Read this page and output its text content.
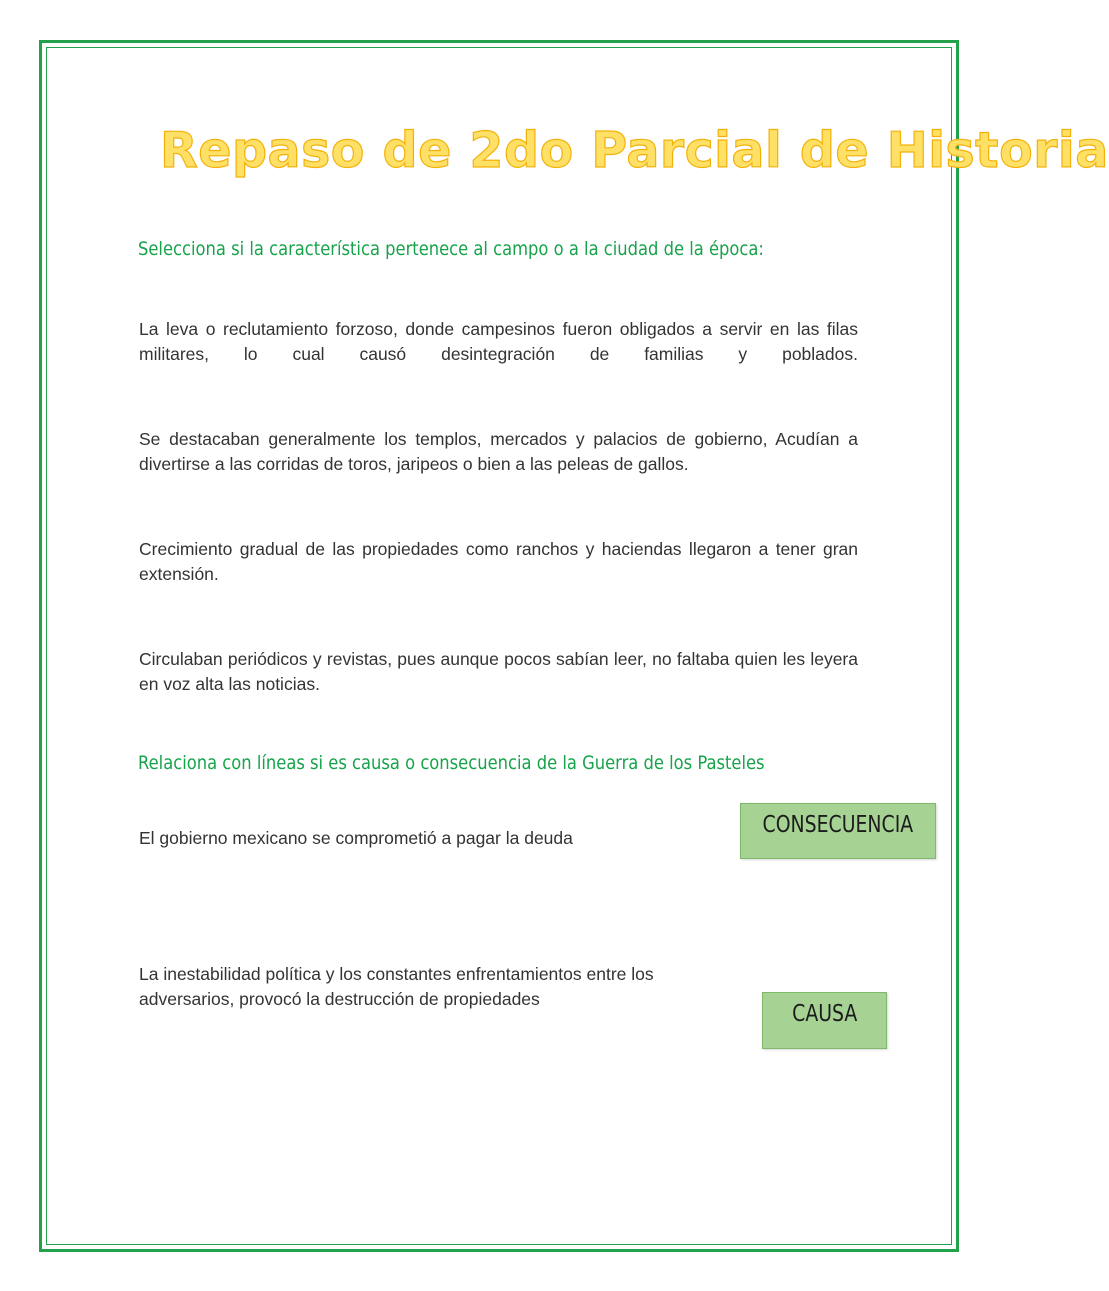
Repaso de 2do Parcial de Historia
Selecciona si la característica pertenece al campo o a la ciudad de la época:
La leva o reclutamiento forzoso, donde campesinos fueron obligados a servir en las filas militares, lo cual causó desintegración de familias y poblados.
Se destacaban generalmente los templos, mercados y palacios de gobierno, Acudían a divertirse a las corridas de toros, jaripeos o bien a las peleas de gallos.
Crecimiento gradual de las propiedades como ranchos y haciendas llegaron a tener gran extensión.
Circulaban periódicos y revistas, pues aunque pocos sabían leer, no faltaba quien les leyera en voz alta las noticias.
Relaciona con líneas si es causa o consecuencia de la Guerra de los Pasteles
El gobierno mexicano se comprometió a pagar la deuda
La inestabilidad política y los constantes enfrentamientos entre los adversarios, provocó la destrucción de propiedades
CONSECUENCIA
CAUSA
